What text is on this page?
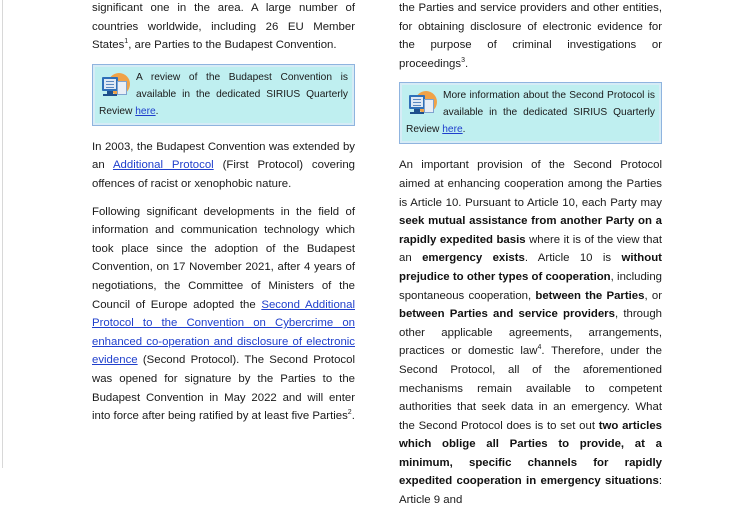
significant one in the area. A large number of countries worldwide, including 26 EU Member States$^1$, are Parties to the Budapest Convention.

A review of the Budapest Convention is available in the dedicated SIRIUS Quarterly Review here.

In 2003, the Budapest Convention was extended by an Additional Protocol (First Protocol) covering offences of racist or xenophobic nature.

Following significant developments in the field of information and communication technology which took place since the adoption of the Budapest Convention, on 17 November 2021, after 4 years of negotiations, the Committee of Ministers of the Council of Europe adopted the Second Additional Protocol to the Convention on Cybercrime on enhanced co-operation and disclosure of electronic evidence (Second Protocol). The Second Protocol was opened for signature by the Parties to the Budapest Convention in May 2022 and will enter into force after being ratified by at least five Parties$^2$.

the Parties and service providers and other entities, for obtaining disclosure of electronic evidence for the purpose of criminal investigations or proceedings$^3$.

More information about the Second Protocol is available in the dedicated SIRIUS Quarterly Review here.

An important provision of the Second Protocol aimed at enhancing cooperation among the Parties is Article 10. Pursuant to Article 10, each Party may seek mutual assistance from another Party on a rapidly expedited basis where it is of the view that an emergency exists. Article 10 is without prejudice to other types of cooperation, including spontaneous cooperation, between the Parties, or between Parties and service providers, through other applicable agreements, arrangements, practices or domestic law$^4$. Therefore, under the Second Protocol, all of the aforementioned mechanisms remain available to competent authorities that seek data in an emergency. What the Second Protocol does is to set out two articles which oblige all Parties to provide, at a minimum, specific channels for rapidly expedited cooperation in emergency situations: Article 9 and
